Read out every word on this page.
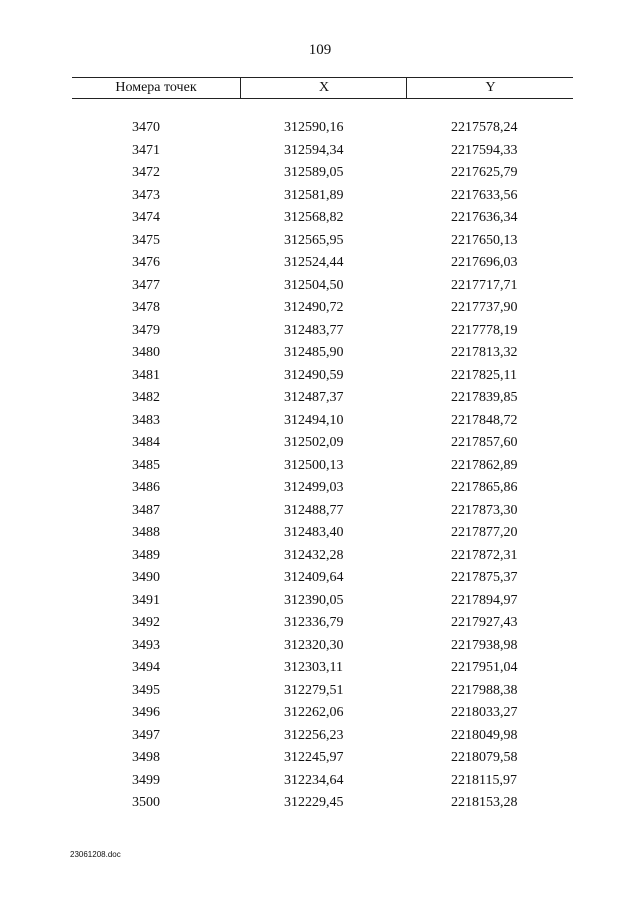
109
Номера точек	X	Y
3470	312590,16	2217578,24
3471	312594,34	2217594,33
3472	312589,05	2217625,79
3473	312581,89	2217633,56
3474	312568,82	2217636,34
3475	312565,95	2217650,13
3476	312524,44	2217696,03
3477	312504,50	2217717,71
3478	312490,72	2217737,90
3479	312483,77	2217778,19
3480	312485,90	2217813,32
3481	312490,59	2217825,11
3482	312487,37	2217839,85
3483	312494,10	2217848,72
3484	312502,09	2217857,60
3485	312500,13	2217862,89
3486	312499,03	2217865,86
3487	312488,77	2217873,30
3488	312483,40	2217877,20
3489	312432,28	2217872,31
3490	312409,64	2217875,37
3491	312390,05	2217894,97
3492	312336,79	2217927,43
3493	312320,30	2217938,98
3494	312303,11	2217951,04
3495	312279,51	2217988,38
3496	312262,06	2218033,27
3497	312256,23	2218049,98
3498	312245,97	2218079,58
3499	312234,64	2218115,97
3500	312229,45	2218153,28
23061208.doc
